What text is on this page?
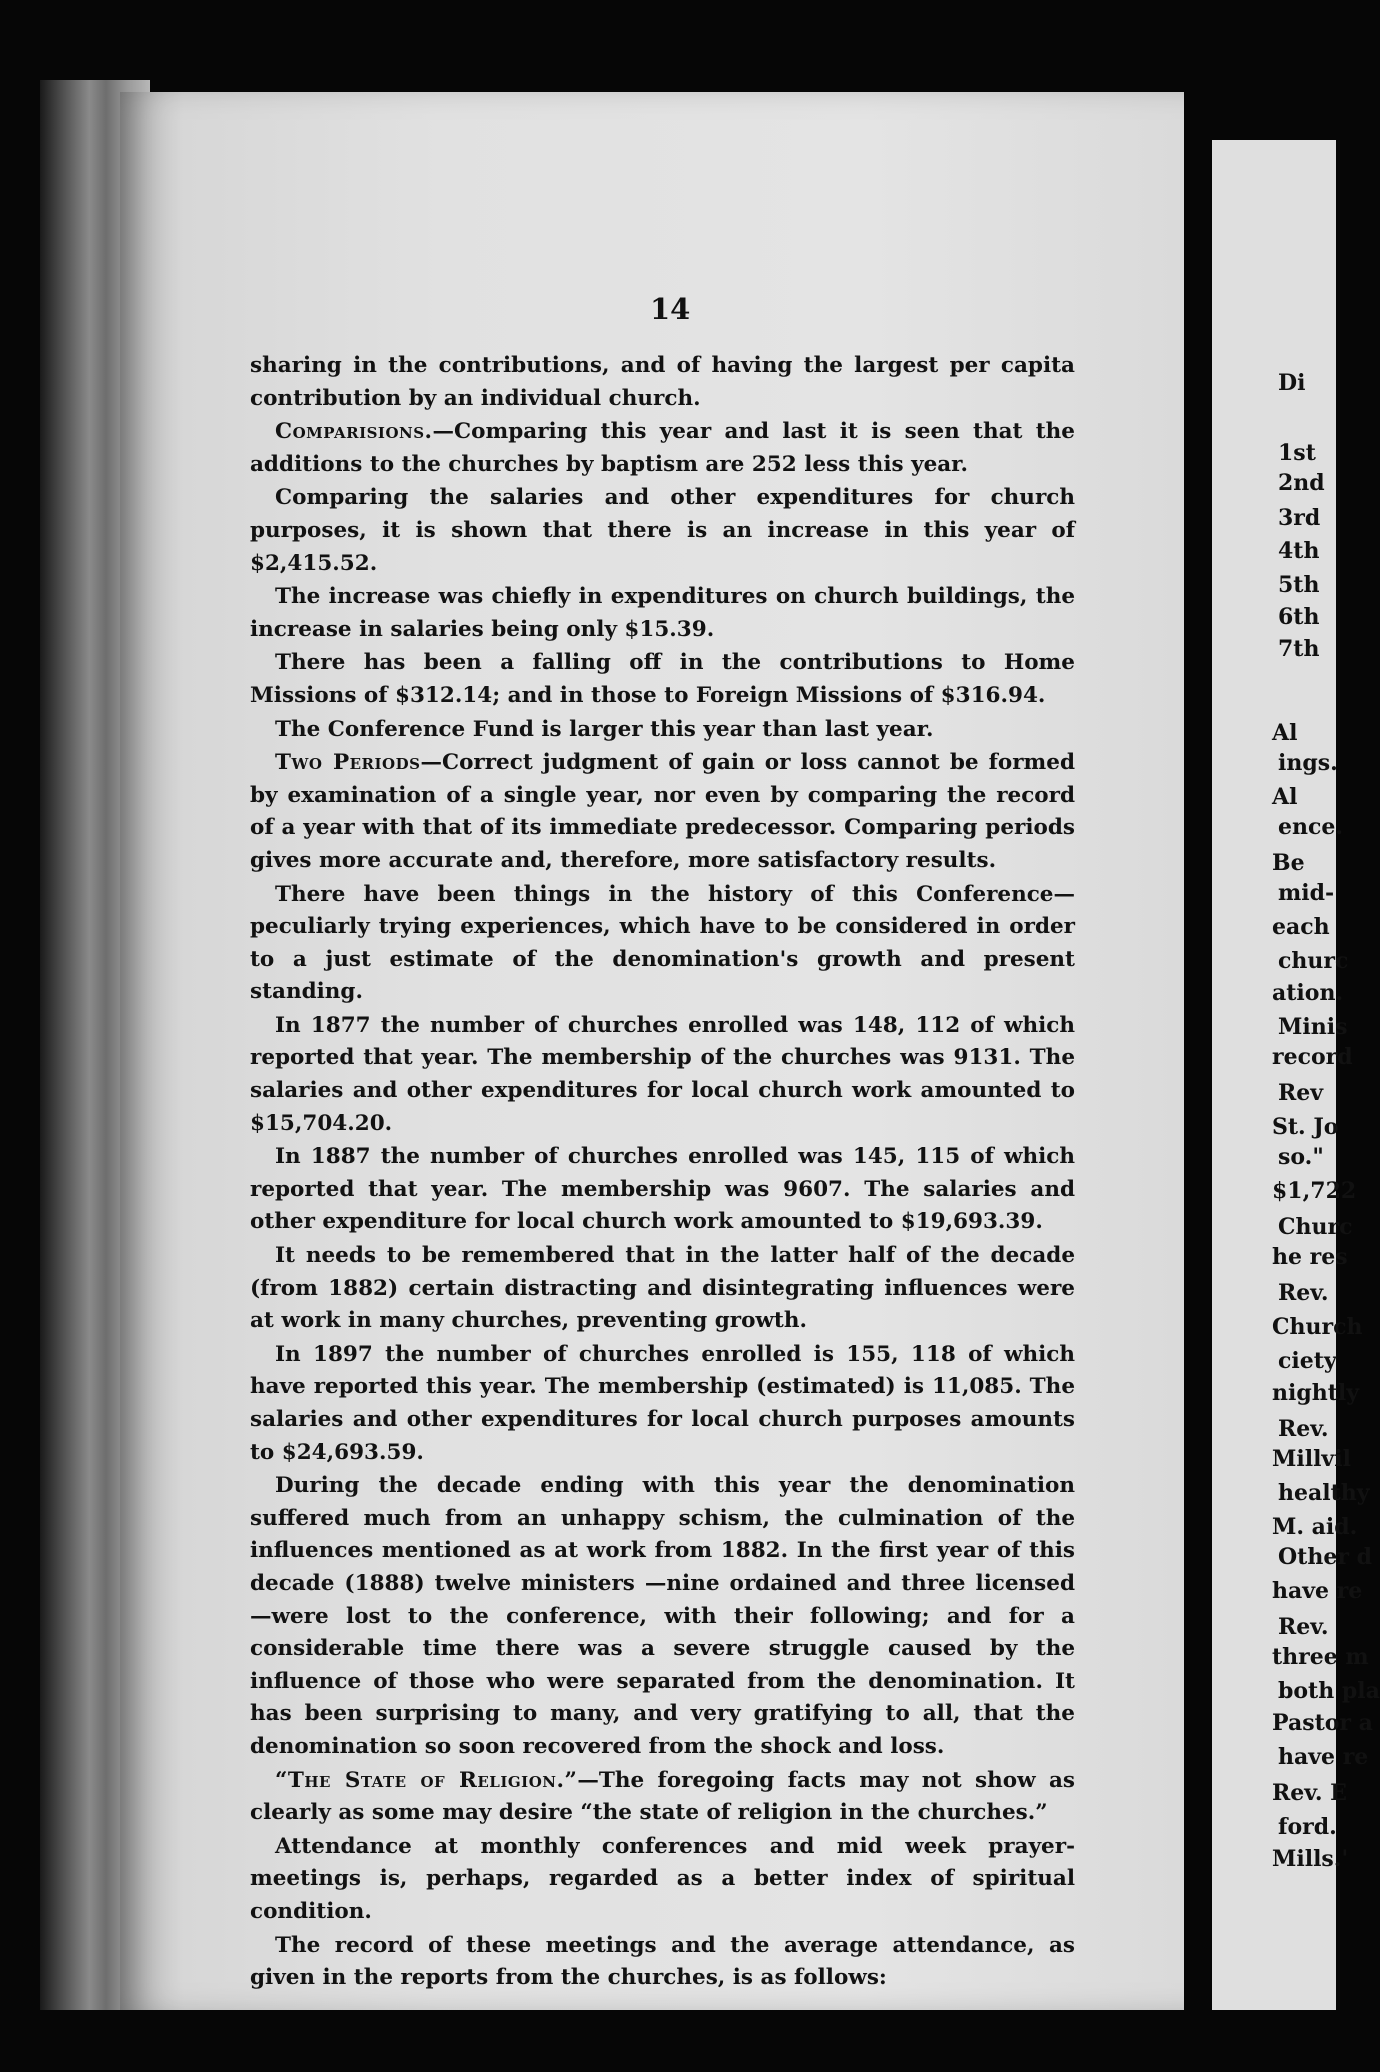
Di
1st
2nd
3rd
4th
5th
6th
7th
Al
ings.
Al
ence.
Be
mid-
each
churc
ation.
Minis
record
Rev
St. Jo
so."
$1,722
Churc
he res
Rev.
Church
ciety
nightly
Rev.
Millvil
healthy
M. aid.
Other d
have re
Rev.
three m
both pla
Pastor a
have re
Rev. E
ford.
Mills.'
14

sharing in the contributions, and of having the largest per capita contribution by an individual church.

Comparisions.—Comparing this year and last it is seen that the additions to the churches by baptism are 252 less this year.

Comparing the salaries and other expenditures for church purposes, it is shown that there is an increase in this year of $2,415.52.

The increase was chiefly in expenditures on church buildings, the increase in salaries being only $15.39.

There has been a falling off in the contributions to Home Missions of $312.14; and in those to Foreign Missions of $316.94.

The Conference Fund is larger this year than last year.

Two Periods—Correct judgment of gain or loss cannot be formed by examination of a single year, nor even by comparing the record of a year with that of its immediate predecessor. Comparing periods gives more accurate and, therefore, more satisfactory results.

There have been things in the history of this Conference—peculiarly trying experiences, which have to be considered in order to a just estimate of the denomination's growth and present standing.

In 1877 the number of churches enrolled was 148, 112 of which reported that year. The membership of the churches was 9131. The salaries and other expenditures for local church work amounted to $15,704.20.

In 1887 the number of churches enrolled was 145, 115 of which reported that year. The membership was 9607. The salaries and other expenditure for local church work amounted to $19,693.39.

It needs to be remembered that in the latter half of the decade (from 1882) certain distracting and disintegrating influences were at work in many churches, preventing growth.

In 1897 the number of churches enrolled is 155, 118 of which have reported this year. The membership (estimated) is 11,085. The salaries and other expenditures for local church purposes amounts to $24,693.59.

During the decade ending with this year the denomination suffered much from an unhappy schism, the culmination of the influences mentioned as at work from 1882. In the first year of this decade (1888) twelve ministers —nine ordained and three licensed—were lost to the conference, with their following; and for a considerable time there was a severe struggle caused by the influence of those who were separated from the denomination. It has been surprising to many, and very gratifying to all, that the denomination so soon recovered from the shock and loss.

“The State of Religion.”—The foregoing facts may not show as clearly as some may desire “the state of religion in the churches.”

Attendance at monthly conferences and mid week prayer-meetings is, perhaps, regarded as a better index of spiritual condition.

The record of these meetings and the average attendance, as given in the reports from the churches, is as follows:
